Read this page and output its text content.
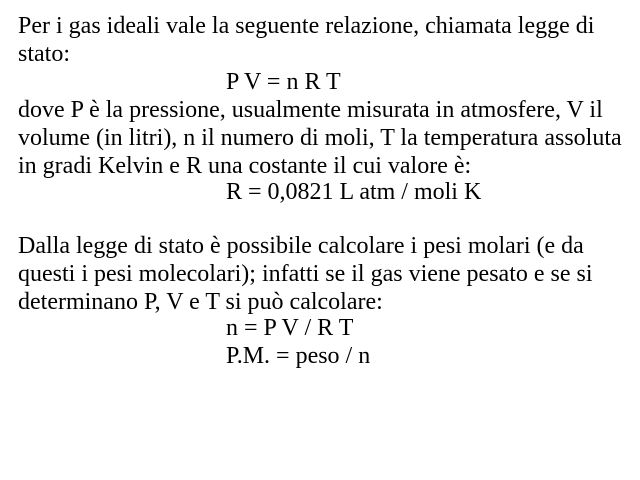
Per i gas ideali vale la seguente relazione, chiamata legge di
stato:
P V = n R T
dove P è la pressione, usualmente misurata in atmosfere, V il
volume (in litri), n il numero di moli, T la temperatura assoluta
in gradi Kelvin e R una costante il cui valore è:
R = 0,0821 L atm / moli K
Dalla legge di stato è possibile calcolare i pesi molari (e da
questi i pesi molecolari); infatti se il gas viene pesato e se si
determinano P, V e T si può calcolare:
n = P V / R T
P.M. = peso / n
